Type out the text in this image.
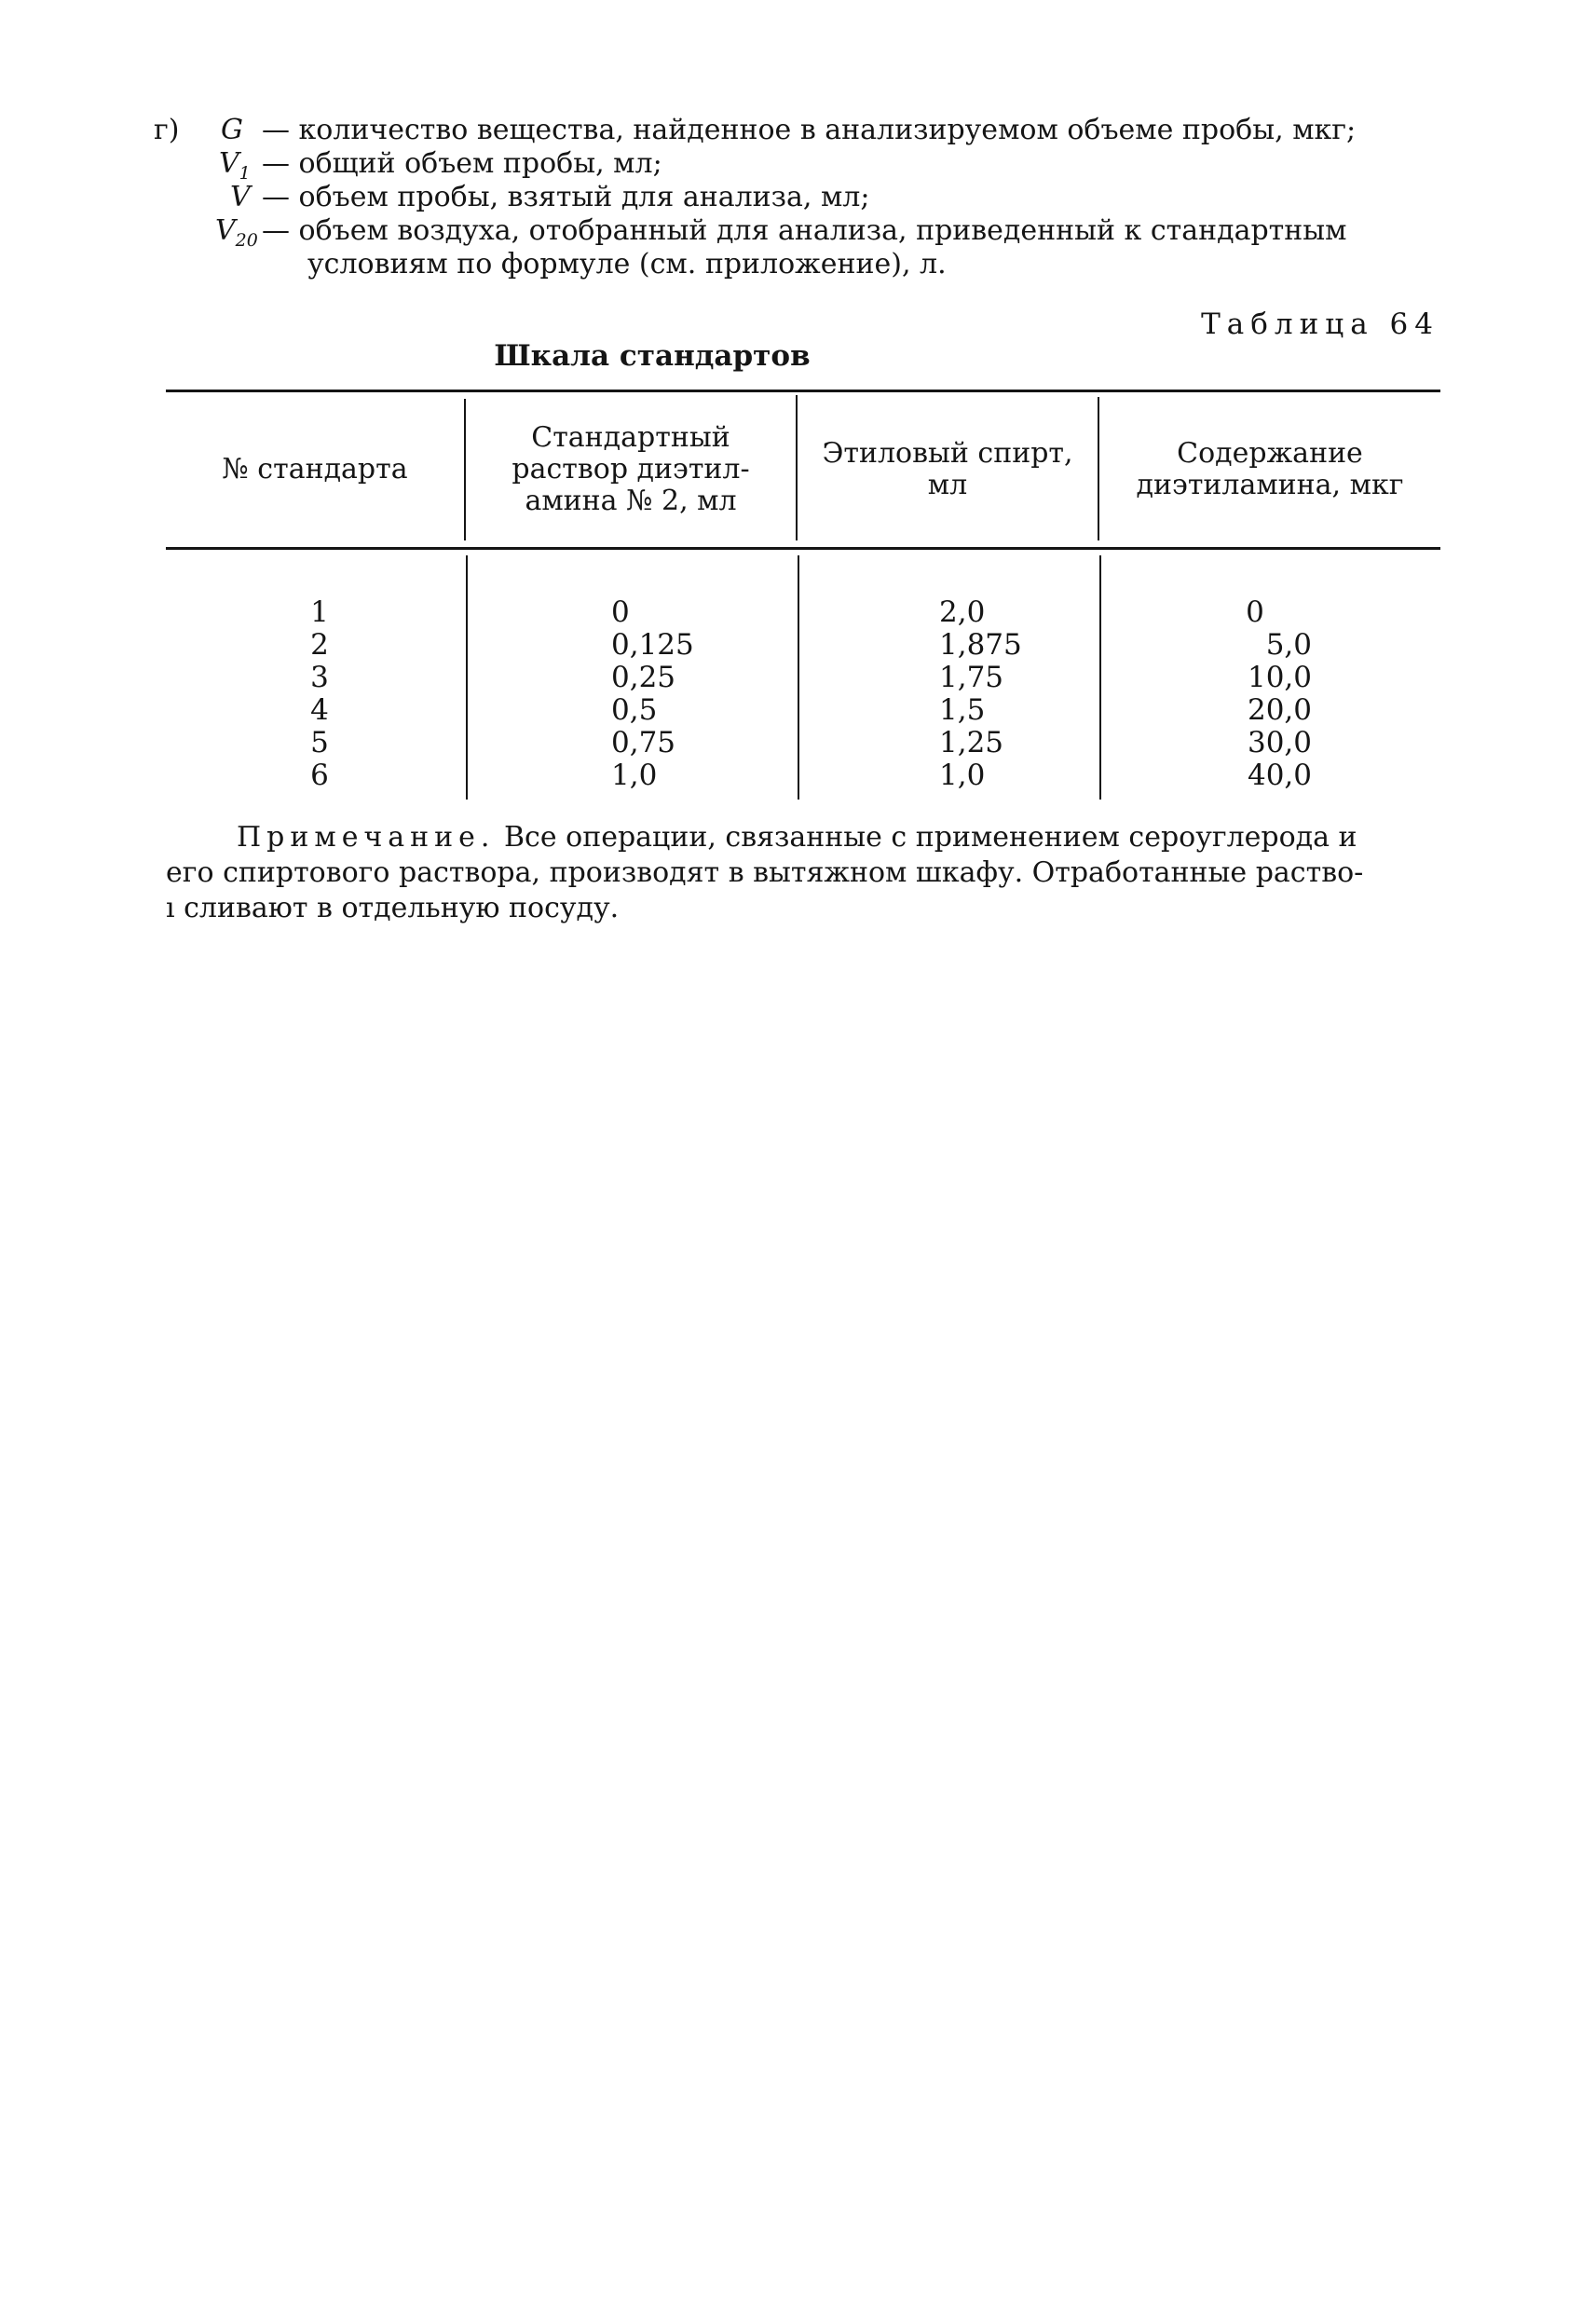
г) G — количество вещества, найденное в анализируемом объеме пробы, мкг;
$V_1$ — общий объем пробы, мл;
V — объем пробы, взятый для анализа, мл;
$V_{20}$ — объем воздуха, отобранный для анализа, приведенный к стандартным
условиям по формуле (см. приложение), л.
Таблица 64
Шкала стандартов
№ стандарта
Стандартный
раствор диэтил-
амина № 2, мл
Этиловый спирт,
мл
Содержание
диэтиламина, мкг
1
2
3
4
5
6
0
0,125
0,25
0,5
0,75
1,0
2,0
1,875
1,75
1,5
1,25
1,0
0
5,0
10,0
20,0
30,0
40,0
Примечание. Все операции, связанные с применением сероуглерода и
его спиртового раствора, производят в вытяжном шкафу. Отработанные раство-
ı сливают в отдельную посуду.
